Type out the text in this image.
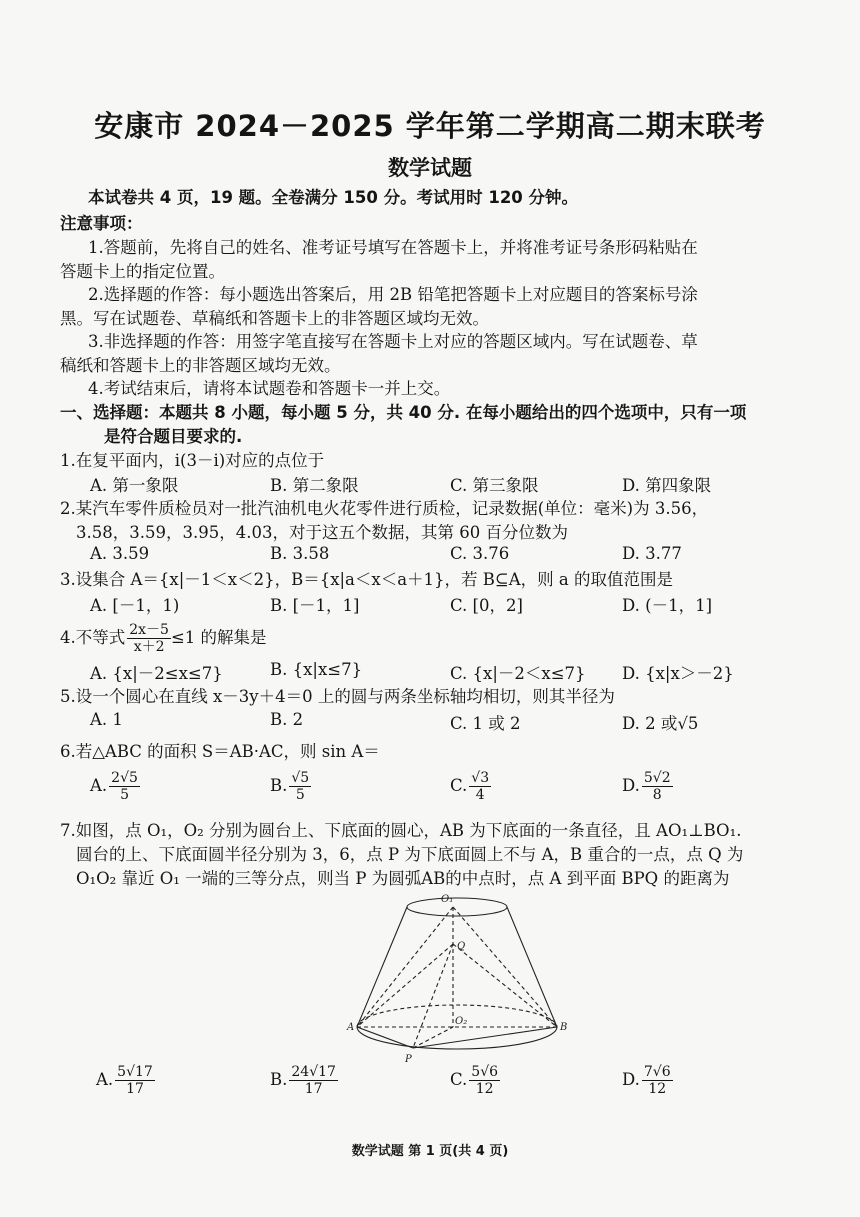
安康市 2024－2025 学年第二学期高二期末联考
数学试题
本试卷共 4 页，19 题。全卷满分 150 分。考试用时 120 分钟。
注意事项：
1.答题前，先将自己的姓名、准考证号填写在答题卡上，并将准考证号条形码粘贴在
答题卡上的指定位置。
2.选择题的作答：每小题选出答案后，用 2B 铅笔把答题卡上对应题目的答案标号涂
黑。写在试题卷、草稿纸和答题卡上的非答题区域均无效。
3.非选择题的作答：用签字笔直接写在答题卡上对应的答题区域内。写在试题卷、草
稿纸和答题卡上的非答题区域均无效。
4.考试结束后，请将本试题卷和答题卡一并上交。
一、选择题：本题共 8 小题，每小题 5 分，共 40 分. 在每小题给出的四个选项中，只有一项
是符合题目要求的.
1.在复平面内，i(3－i)对应的点位于
A. 第一象限	B. 第二象限	C. 第三象限	D. 第四象限
2.某汽车零件质检员对一批汽油机电火花零件进行质检，记录数据(单位：毫米)为 3.56，
3.58，3.59，3.95，4.03，对于这五个数据，其第 60 百分位数为
A. 3.59	B. 3.58	C. 3.76	D. 3.77
3.设集合 A＝{x|－1＜x＜2}，B＝{x|a＜x＜a＋1}，若 B⊆A，则 a 的取值范围是
A. [－1，1)	B. [－1，1]	C. [0，2]	D. (－1，1]
4.不等式 $\frac{2x-5}{x+2} \le 1$ 的解集是
A. {x|－2≤x≤7}	B. {x|x≤7}	C. {x|－2＜x≤7} D. {x|x＞－2}
5.设一个圆心在直线 x－3y＋4＝0 上的圆与两条坐标轴均相切，则其半径为
A. 1	B. 2	C. 1 或 2	D. 2 或√5
6.若△ABC 的面积 S＝AB·AC，则 sin A＝
A. $\frac{2√5}{5}$	B. $\frac{√5}{5}$	C. $\frac{√3}{4}$	D. $\frac{5√2}{8}$
7.如图，点 O₁，O₂ 分别为圆台上、下底面的圆心，AB 为下底面的一条直径，且 AO₁⊥BO₁.
圆台的上、下底面圆半径分别为 3，6，点 P 为下底面圆上不与 A，B 重合的一点，点 Q 为
O₁O₂ 靠近 O₁ 一端的三等分点，则当 P 为圆弧AB的中点时，点 A 到平面 BPQ 的距离为
O₁
Q
O₂
A	B
P
A. $\frac{5√17}{17}$	B. $\frac{24√17}{17}$	C. $\frac{5√6}{12}$	D. $\frac{7√6}{12}$
数学试题 第 1 页(共 4 页)
